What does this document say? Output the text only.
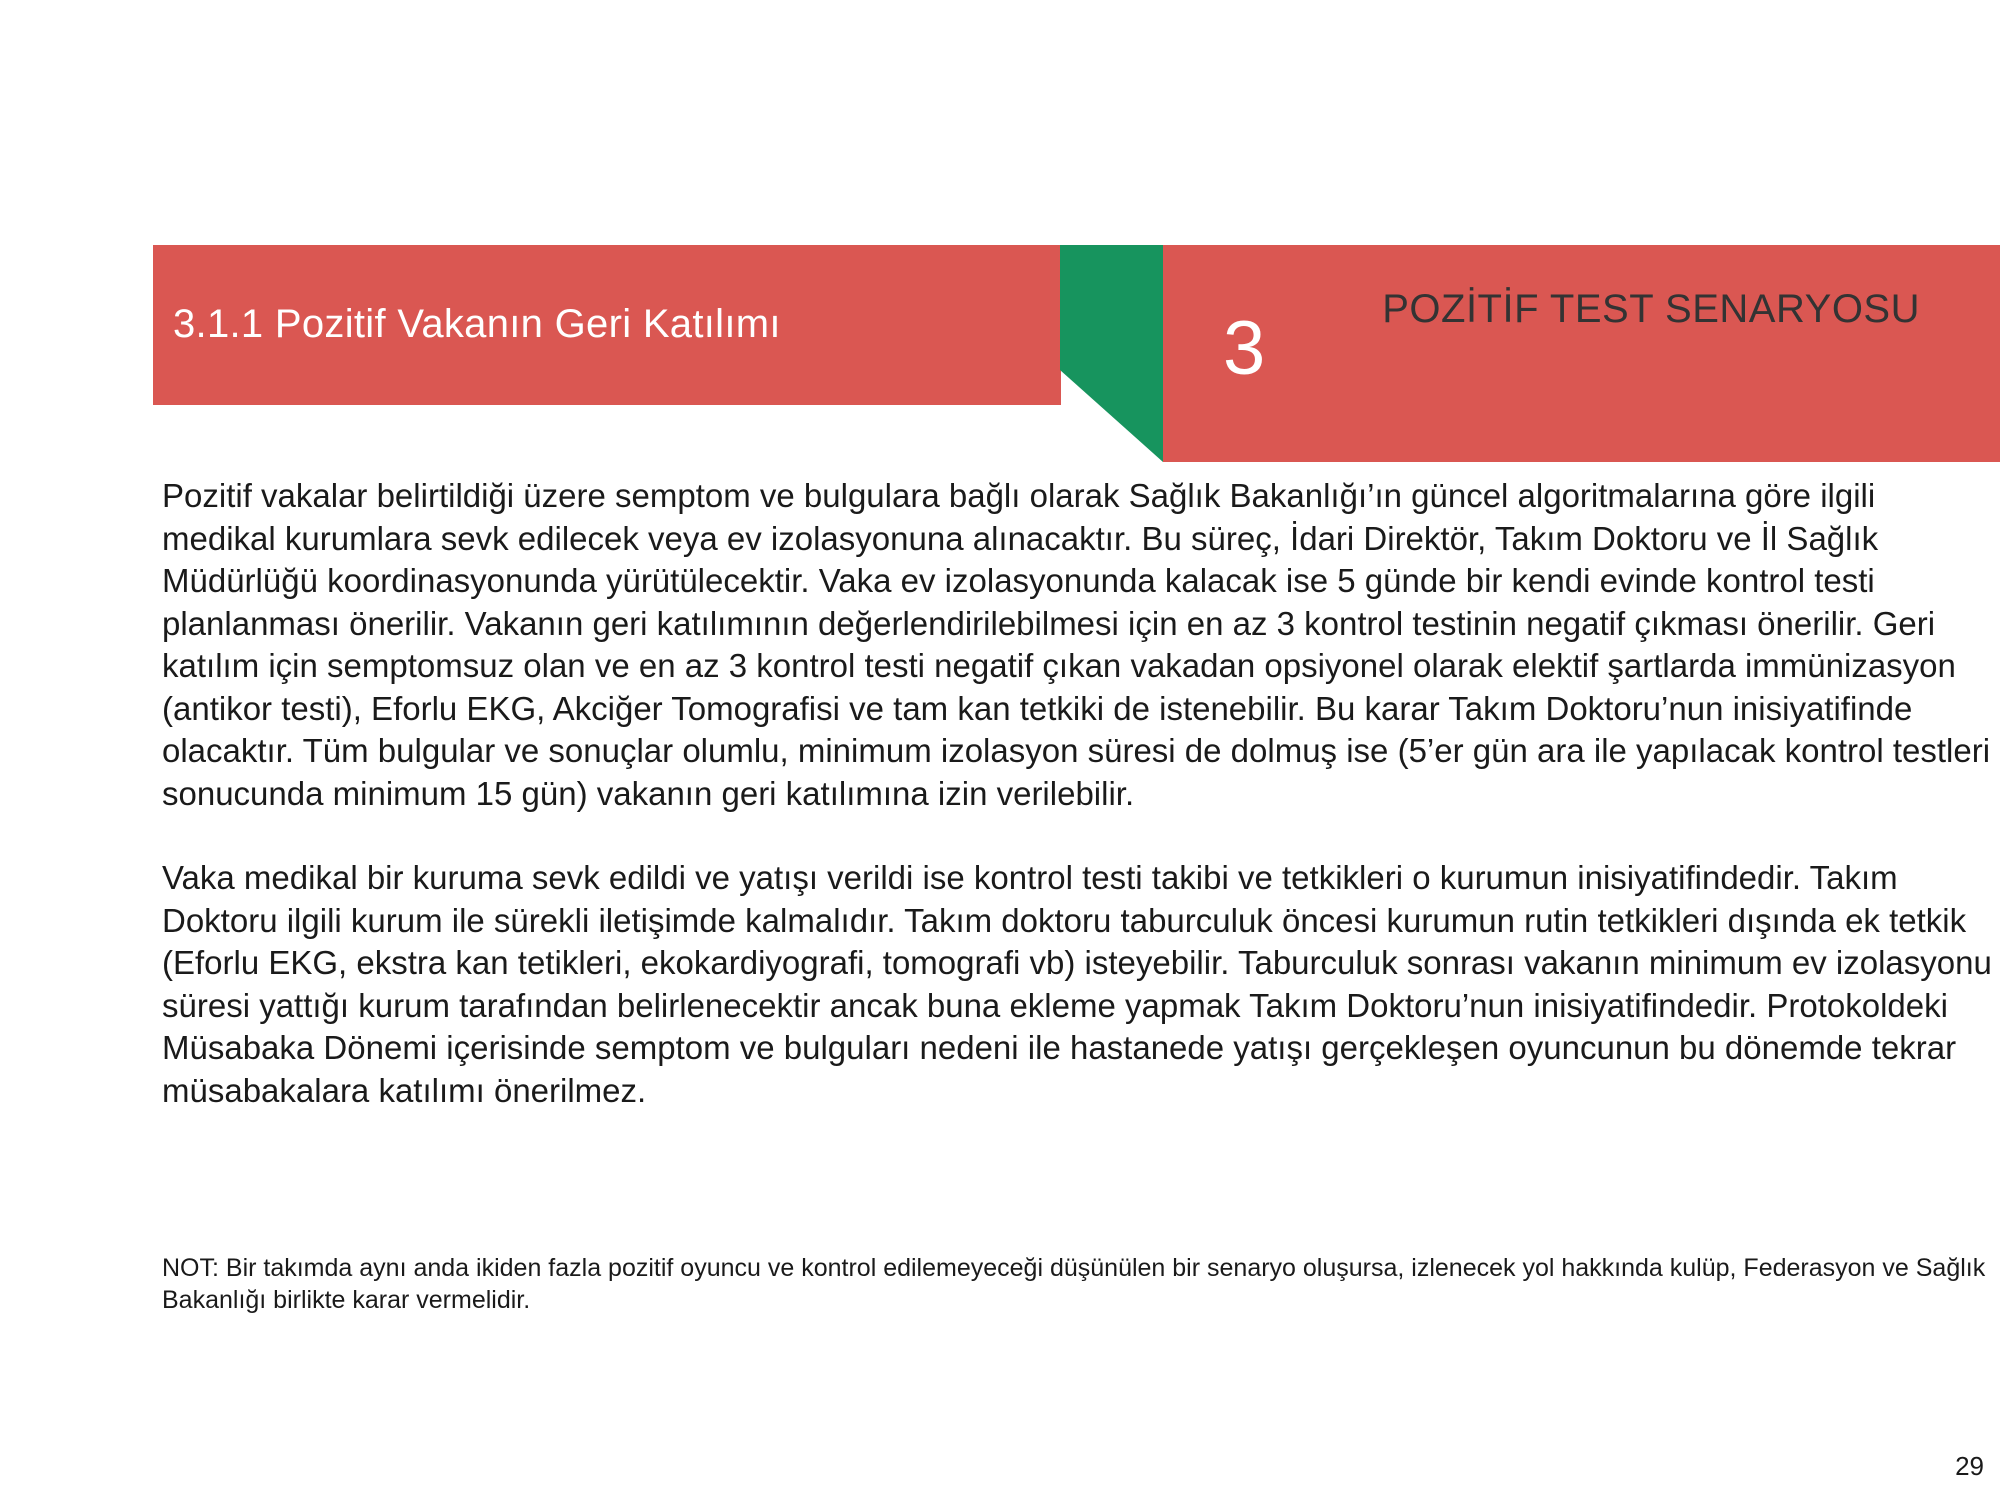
3.1.1 Pozitif Vakanın Geri Katılımı	3	POZİTİF TEST SENARYOSU

Pozitif vakalar belirtildiği üzere semptom ve bulgulara bağlı olarak Sağlık Bakanlığı’ın güncel algoritmalarına göre ilgili medikal kurumlara sevk edilecek veya ev izolasyonuna alınacaktır. Bu süreç, İdari Direktör, Takım Doktoru ve İl Sağlık Müdürlüğü koordinasyonunda yürütülecektir. Vaka ev izolasyonunda kalacak ise 5 günde bir kendi evinde kontrol testi planlanması önerilir. Vakanın geri katılımının değerlendirilebilmesi için en az 3 kontrol testinin negatif çıkması önerilir. Geri katılım için semptomsuz olan ve en az 3 kontrol testi negatif çıkan vakadan opsiyonel olarak elektif şartlarda immünizasyon (antikor testi), Eforlu EKG, Akciğer Tomografisi ve tam kan tetkiki de istenebilir. Bu karar Takım Doktoru’nun inisiyatifinde olacaktır. Tüm bulgular ve sonuçlar olumlu, minimum izolasyon süresi de dolmuş ise (5’er gün ara ile yapılacak kontrol testleri sonucunda minimum 15 gün) vakanın geri katılımına izin verilebilir.

Vaka medikal bir kuruma sevk edildi ve yatışı verildi ise kontrol testi takibi ve tetkikleri o kurumun inisiyatifindedir. Takım Doktoru ilgili kurum ile sürekli iletişimde kalmalıdır. Takım doktoru taburculuk öncesi kurumun rutin tetkikleri dışında ek tetkik (Eforlu EKG, ekstra kan tetikleri, ekokardiyografi, tomografi vb) isteyebilir. Taburculuk sonrası vakanın minimum ev izolasyonu süresi yattığı kurum tarafından belirlenecektir ancak buna ekleme yapmak Takım Doktoru’nun inisiyatifindedir. Protokoldeki Müsabaka Dönemi içerisinde semptom ve bulguları nedeni ile hastanede yatışı gerçekleşen oyuncunun bu dönemde tekrar müsabakalara katılımı önerilmez.

NOT: Bir takımda aynı anda ikiden fazla pozitif oyuncu ve kontrol edilemeyeceği düşünülen bir senaryo oluşursa, izlenecek yol hakkında kulüp, Federasyon ve Sağlık Bakanlığı birlikte karar vermelidir.

29
